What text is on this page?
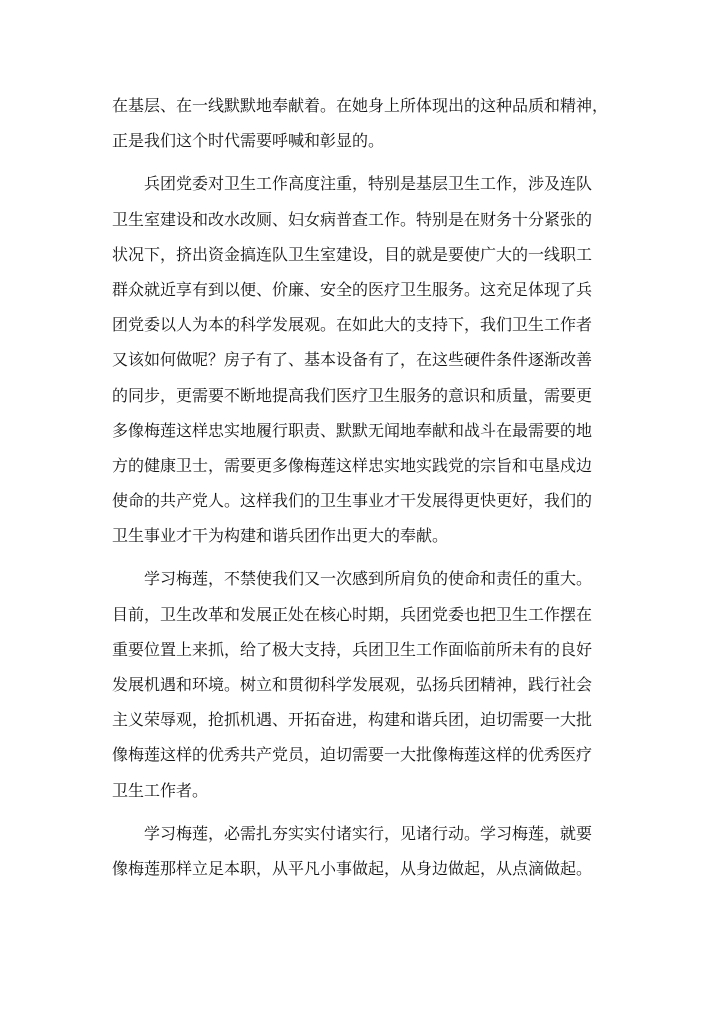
在基层、在一线默默地奉献着。在她身上所体现出的这种品质和精神，
正是我们这个时代需要呼喊和彰显的。
兵团党委对卫生工作高度注重，特别是基层卫生工作，涉及连队
卫生室建设和改水改厕、妇女病普查工作。特别是在财务十分紧张的
状况下，挤出资金搞连队卫生室建设，目的就是要使广大的一线职工
群众就近享有到以便、价廉、安全的医疗卫生服务。这充足体现了兵
团党委以人为本的科学发展观。在如此大的支持下，我们卫生工作者
又该如何做呢？房子有了、基本设备有了，在这些硬件条件逐渐改善
的同步，更需要不断地提高我们医疗卫生服务的意识和质量，需要更
多像梅莲这样忠实地履行职责、默默无闻地奉献和战斗在最需要的地
方的健康卫士，需要更多像梅莲这样忠实地实践党的宗旨和屯垦戍边
使命的共产党人。这样我们的卫生事业才干发展得更快更好，我们的
卫生事业才干为构建和谐兵团作出更大的奉献。
学习梅莲，不禁使我们又一次感到所肩负的使命和责任的重大。
目前，卫生改革和发展正处在核心时期，兵团党委也把卫生工作摆在
重要位置上来抓，给了极大支持，兵团卫生工作面临前所未有的良好
发展机遇和环境。树立和贯彻科学发展观，弘扬兵团精神，践行社会
主义荣辱观，抢抓机遇、开拓奋进，构建和谐兵团，迫切需要一大批
像梅莲这样的优秀共产党员，迫切需要一大批像梅莲这样的优秀医疗
卫生工作者。
学习梅莲，必需扎夯实实付诸实行，见诸行动。学习梅莲，就要
像梅莲那样立足本职，从平凡小事做起，从身边做起，从点滴做起。
